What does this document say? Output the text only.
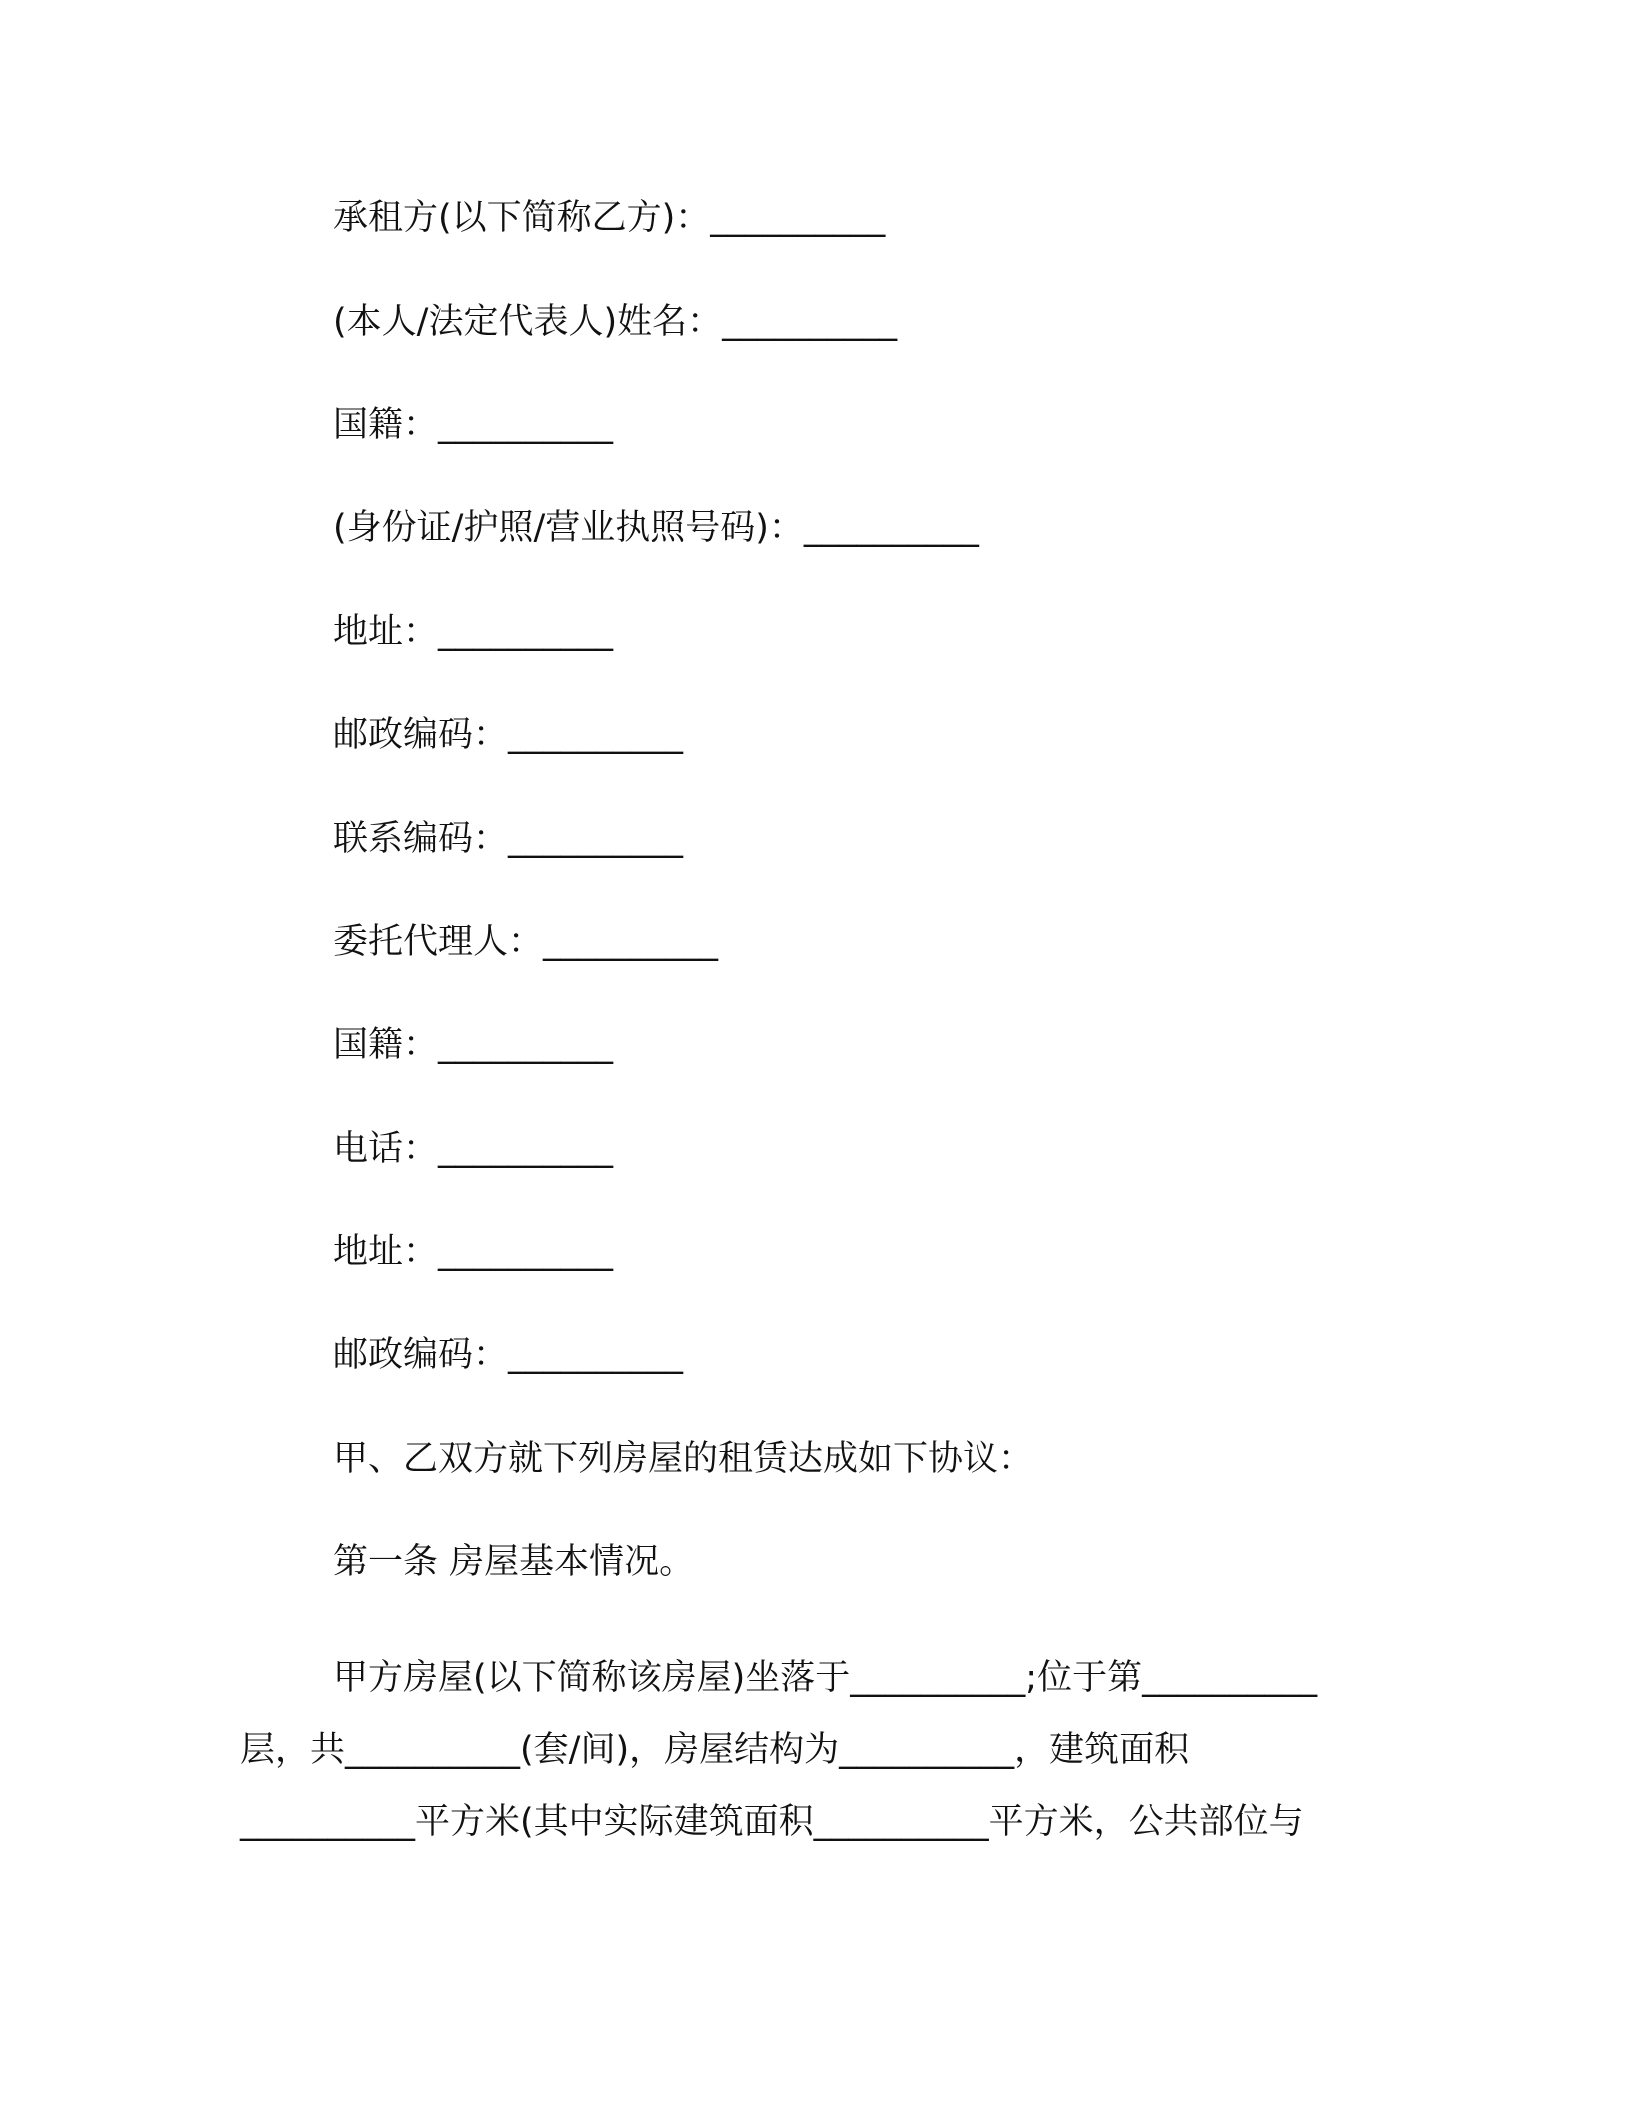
承租方(以下简称乙方)：__________
(本人/法定代表人)姓名：__________
国籍：__________
(身份证/护照/营业执照号码)：__________
地址：__________
邮政编码：__________
联系编码：__________
委托代理人：__________
国籍：__________
电话：__________
地址：__________
邮政编码：__________
甲、乙双方就下列房屋的租赁达成如下协议：
第一条 房屋基本情况。
甲方房屋(以下简称该房屋)坐落于__________;位于第__________
层，共__________(套/间)，房屋结构为__________，建筑面积
__________平方米(其中实际建筑面积__________平方米，公共部位与
